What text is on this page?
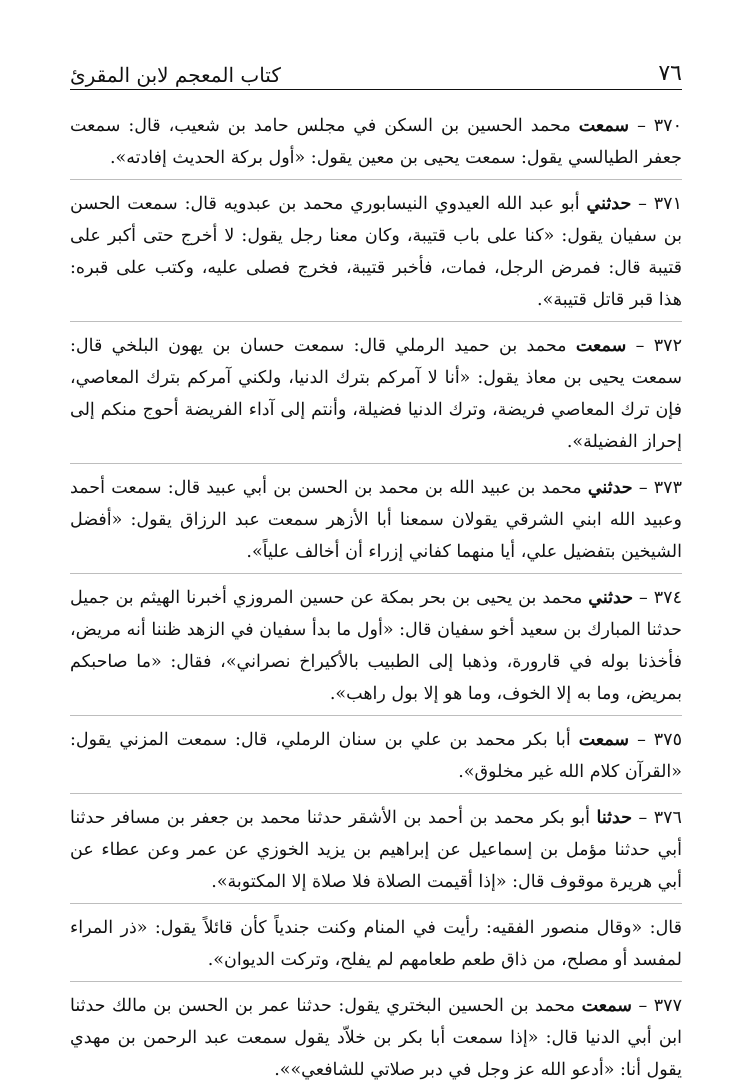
٧٦
كتاب المعجم لابن المقرئ

٣٧٠ – سمعت محمد الحسين بن السكن في مجلس حامد بن شعيب، قال: سمعت جعفر الطيالسي يقول: سمعت يحيى بن معين يقول: «أول بركة الحديث إفادته».

٣٧١ – حدثني أبو عبد الله العيدوي النيسابوري محمد بن عبدويه قال: سمعت الحسن بن سفيان يقول: «كنا على باب قتيبة، وكان معنا رجل يقول: لا أخرج حتى أكبر على قتيبة قال: فمرض الرجل، فمات، فأخبر قتيبة، فخرج فصلى عليه، وكتب على قبره: هذا قبر قاتل قتيبة».

٣٧٢ – سمعت محمد بن حميد الرملي قال: سمعت حسان بن يهون البلخي قال: سمعت يحيى بن معاذ يقول: «أنا لا آمركم بترك الدنيا، ولكني آمركم بترك المعاصي، فإن ترك المعاصي فريضة، وترك الدنيا فضيلة، وأنتم إلى آداء الفريضة أحوج منكم إلى إحراز الفضيلة».

٣٧٣ – حدثني محمد بن عبيد الله بن محمد بن الحسن بن أبي عبيد قال: سمعت أحمد وعبيد الله ابني الشرقي يقولان سمعنا أبا الأزهر سمعت عبد الرزاق يقول: «أفضل الشيخين بتفضيل علي، أيا منهما كفاني إزراء أن أخالف علياً».

٣٧٤ – حدثني محمد بن يحيى بن بحر بمكة عن حسين المروزي أخبرنا الهيثم بن جميل حدثنا المبارك بن سعيد أخو سفيان قال: «أول ما بدأ سفيان في الزهد ظننا أنه مريض، فأخذنا بوله في قارورة، وذهبا إلى الطبيب بالأكيراخ نصراني»، فقال: «ما صاحبكم بمريض، وما به إلا الخوف، وما هو إلا بول راهب».

٣٧٥ – سمعت أبا بكر محمد بن علي بن سنان الرملي، قال: سمعت المزني يقول: «القرآن كلام الله غير مخلوق».

٣٧٦ – حدثنا أبو بكر محمد بن أحمد بن الأشقر حدثنا محمد بن جعفر بن مسافر حدثنا أبي حدثنا مؤمل بن إسماعيل عن إبراهيم بن يزيد الخوزي عن عمر وعن عطاء عن أبي هريرة موقوف قال: «إذا أقيمت الصلاة فلا صلاة إلا المكتوبة».

قال: «وقال منصور الفقيه: رأيت في المنام وكنت جندياً كأن قائلاً يقول: «ذر المراء لمفسد أو مصلح، من ذاق طعم طعامهم لم يفلح، وتركت الديوان».

٣٧٧ – سمعت محمد بن الحسين البختري يقول: حدثنا عمر بن الحسن بن مالك حدثنا ابن أبي الدنيا قال: «إذا سمعت أبا بكر بن خلاّد يقول سمعت عبد الرحمن بن مهدي يقول أنا: «أدعو الله عز وجل في دبر صلاتي للشافعي»».
